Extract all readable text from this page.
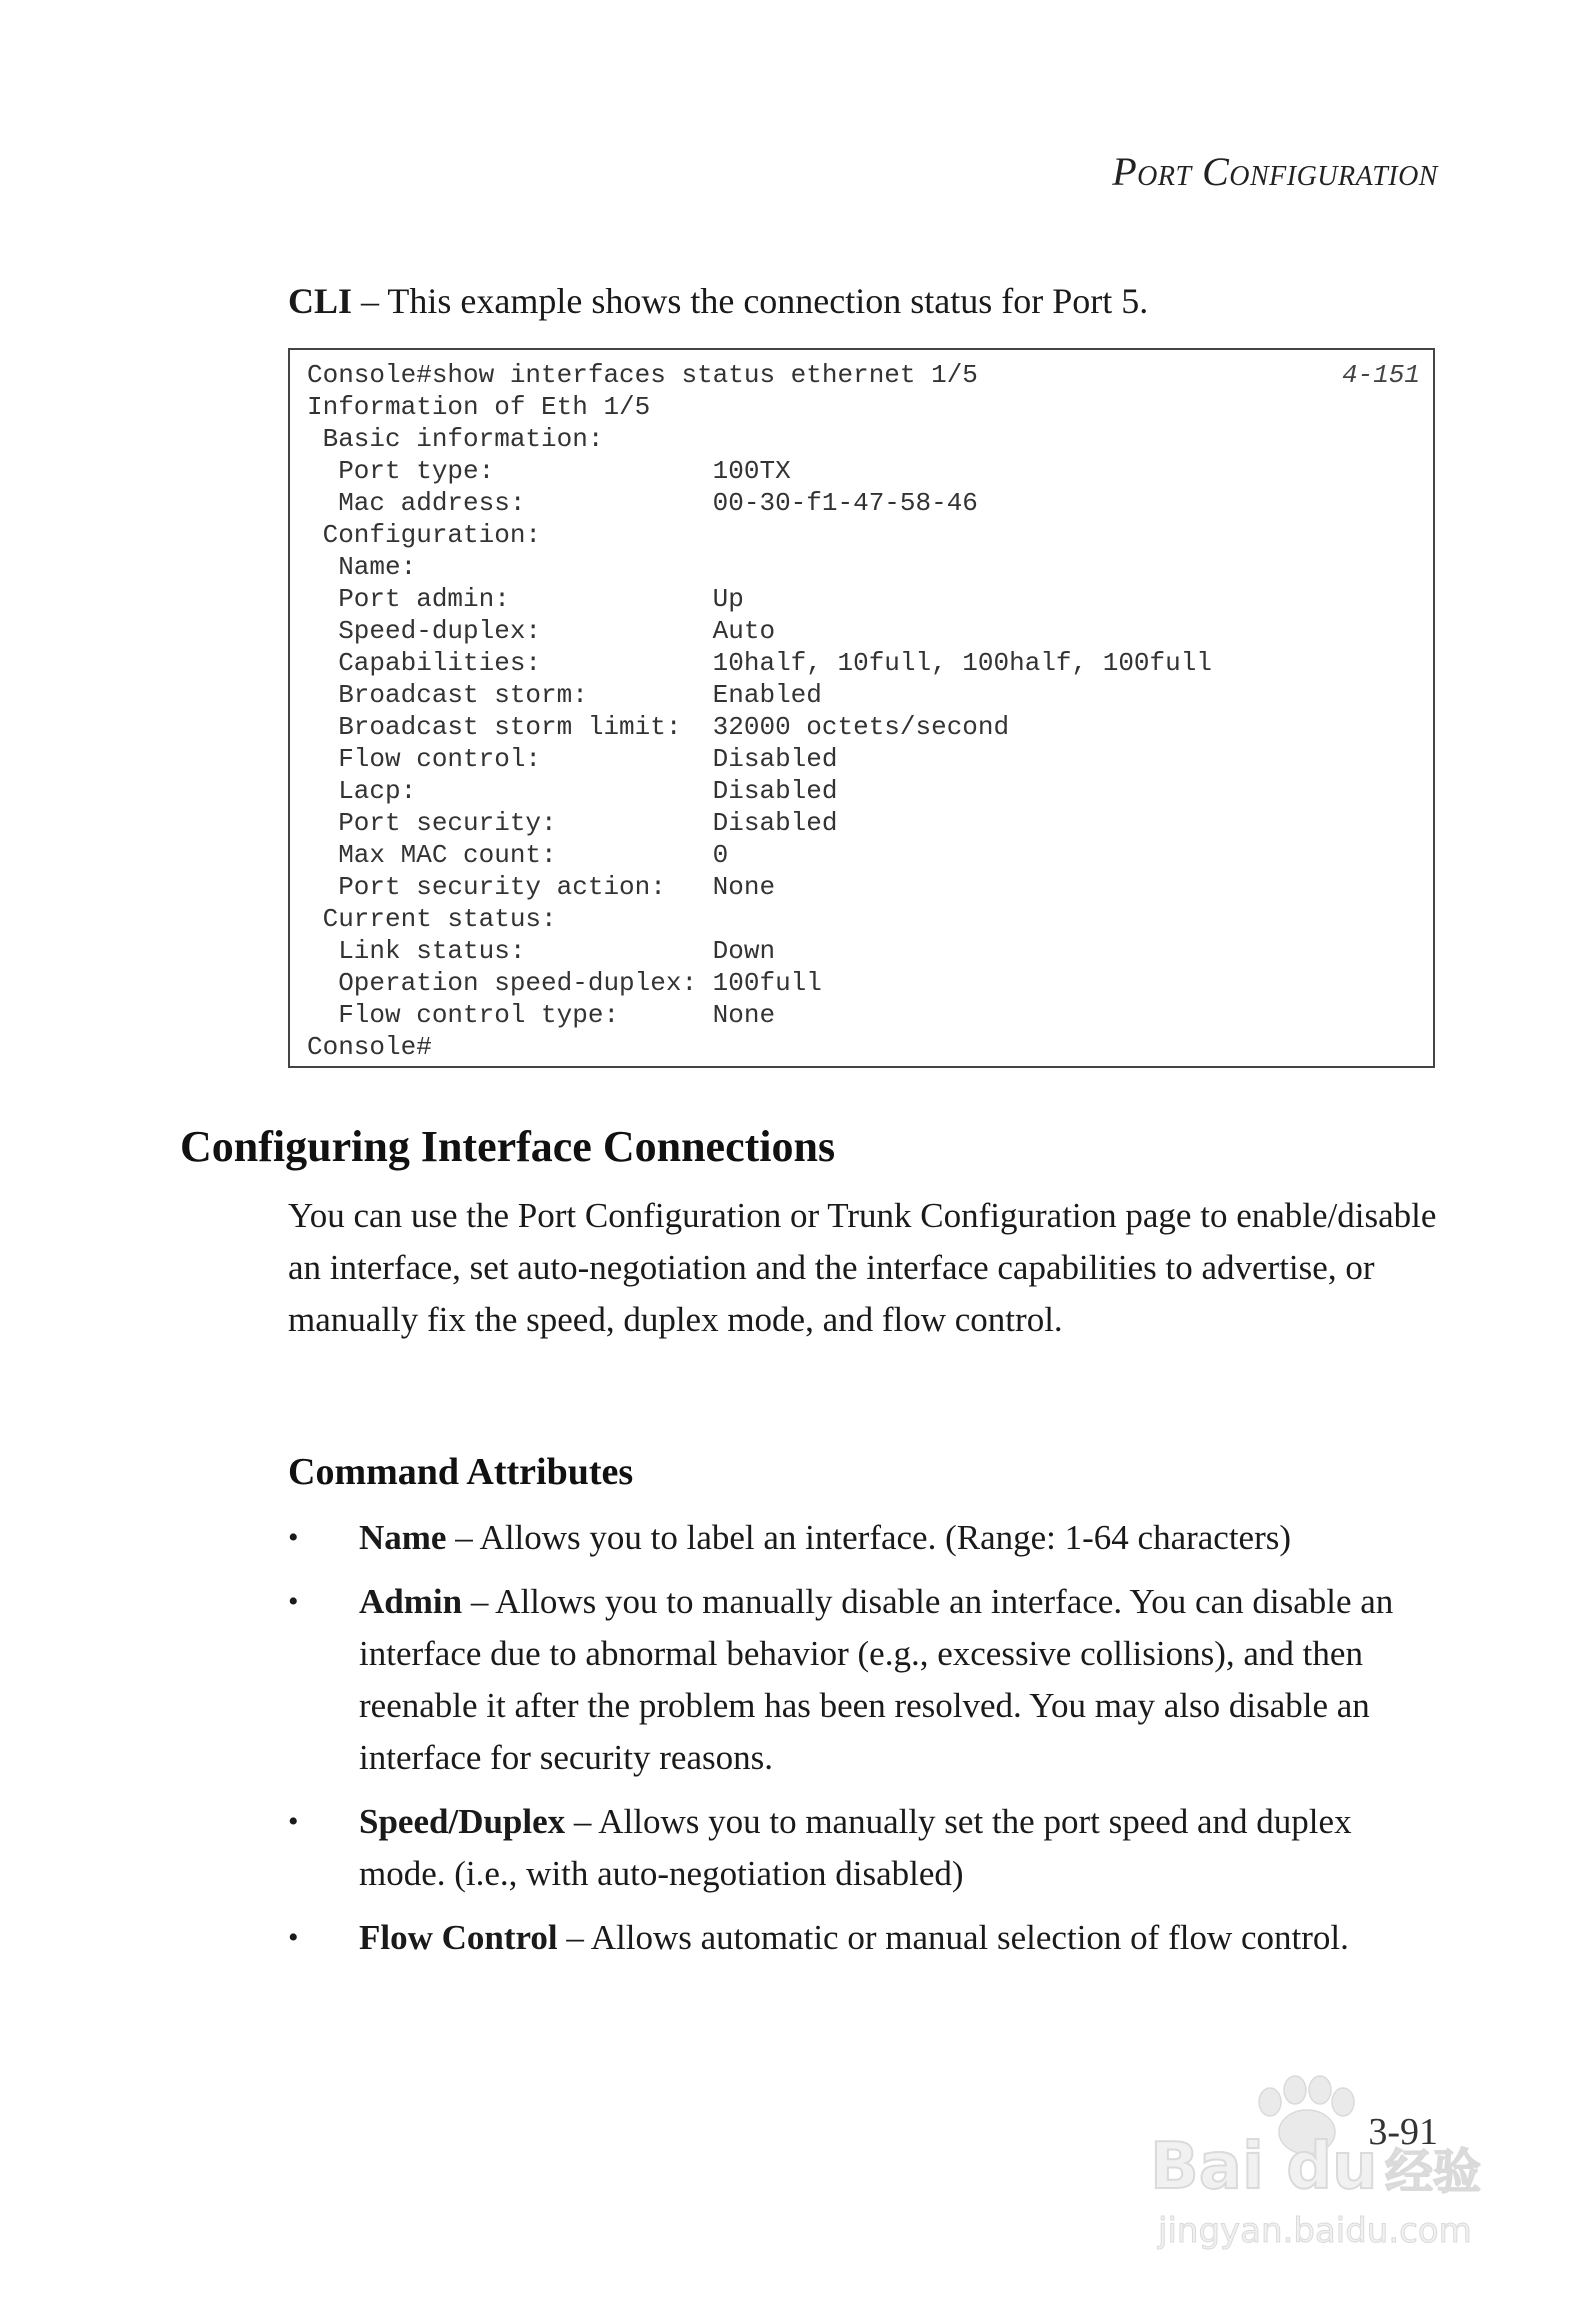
Port Configuration
CLI – This example shows the connection status for Port 5.
Console#show interfaces status ethernet 1/5	4-151
Information of Eth 1/5
Basic information:
Port type:              100TX
Mac address:            00-30-f1-47-58-46
Configuration:
Name:
Port admin:             Up
Speed-duplex:           Auto
Capabilities:           10half, 10full, 100half, 100full
Broadcast storm:        Enabled
Broadcast storm limit:  32000 octets/second
Flow control:           Disabled
Lacp:                   Disabled
Port security:          Disabled
Max MAC count:          0
Port security action:   None
Current status:
Link status:            Down
Operation speed-duplex: 100full
Flow control type:      None
Console#
Configuring Interface Connections
You can use the Port Configuration or Trunk Configuration page to enable/disable an interface, set auto-negotiation and the interface capabilities to advertise, or manually fix the speed, duplex mode, and flow control.
Command Attributes
• Name – Allows you to label an interface. (Range: 1-64 characters)
• Admin – Allows you to manually disable an interface. You can disable an interface due to abnormal behavior (e.g., excessive collisions), and then reenable it after the problem has been resolved. You may also disable an interface for security reasons.
• Speed/Duplex – Allows you to manually set the port speed and duplex mode. (i.e., with auto-negotiation disabled)
• Flow Control – Allows automatic or manual selection of flow control.
3-91
Bai du 经验
jingyan.baidu.com
